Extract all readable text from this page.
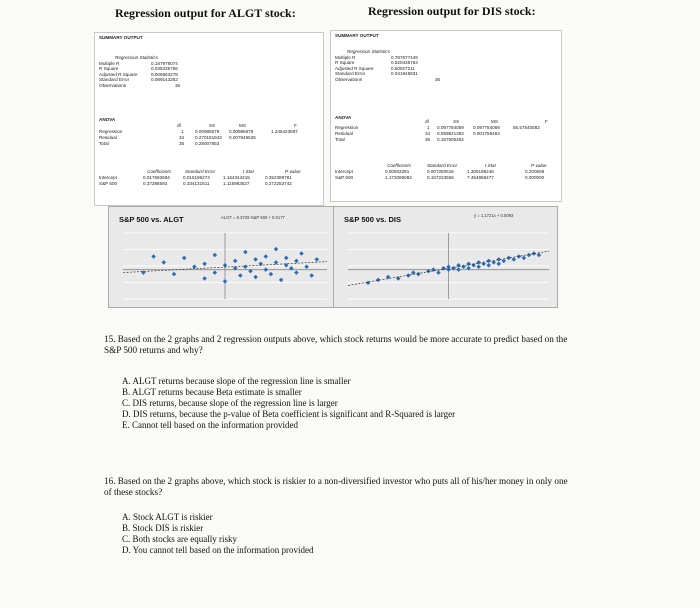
Regression output for ALGT stock:	Regression output for DIS stock:
SUMMARY OUTPUT
Regression Statistics
Multiple R	0.187978074
R Square	0.035335756
Adjusted R Square	0.006963278
Standard Error	0.089143282
Observations	36
ANOVA
df	SS	MS	F
Regression	1 0.00985679 0.00985679	1.245423697
Residual	34 0.270181843 0.007946525
Total	35 0.28007853
Coefficients	Standard Error	t Stat	P-value
Intercept	0.017693694	0.015196274	1.164344215	0.252389781
S&P 500	0.37288593	0.334131511	1.115983527	0.272253742
SUMMARY OUTPUT
Regression Statistics
Multiple R	0.787677449
R Square	0.620435764
Adjusted R Square	0.60927211
Standard Error	0.041945831
Observations	36
ANOVA
df	SS	MS	F
Regression	1 0.097784059 0.097784059	55.57540582
Residual	34 0.059821393 0.001759453
Total	35 0.157605452
Coefficients	Standard Error	t Stat	P-value
Intercept	0.00933281	0.007250515	1.305198246	0.200608
S&P 500	1.172095083	0.157223556	7.454958477	0.000000
S&P 500 vs. ALGT	ALGT = 0.3729·S&P 500 + 0.0177	S&P 500 vs. DIS	y = 1.1721x + 0.0093
15. Based on the 2 graphs and 2 regression outputs above, which stock returns would be more accurate to predict based on the S&P 500 returns and why?
A. ALGT returns because slope of the regression line is smaller
B. ALGT returns because Beta estimate is smaller
C. DIS returns, because slope of the regression line is larger
D. DIS returns, because the p-value of Beta coefficient is significant and R-Squared is larger
E. Cannot tell based on the information provided
16. Based on the 2 graphs above, which stock is riskier to a non-diversified investor who puts all of his/her money in only one of these stocks?
A. Stock ALGT is riskier
B. Stock DIS is riskier
C. Both stocks are equally risky
D. You cannot tell based on the information provided
